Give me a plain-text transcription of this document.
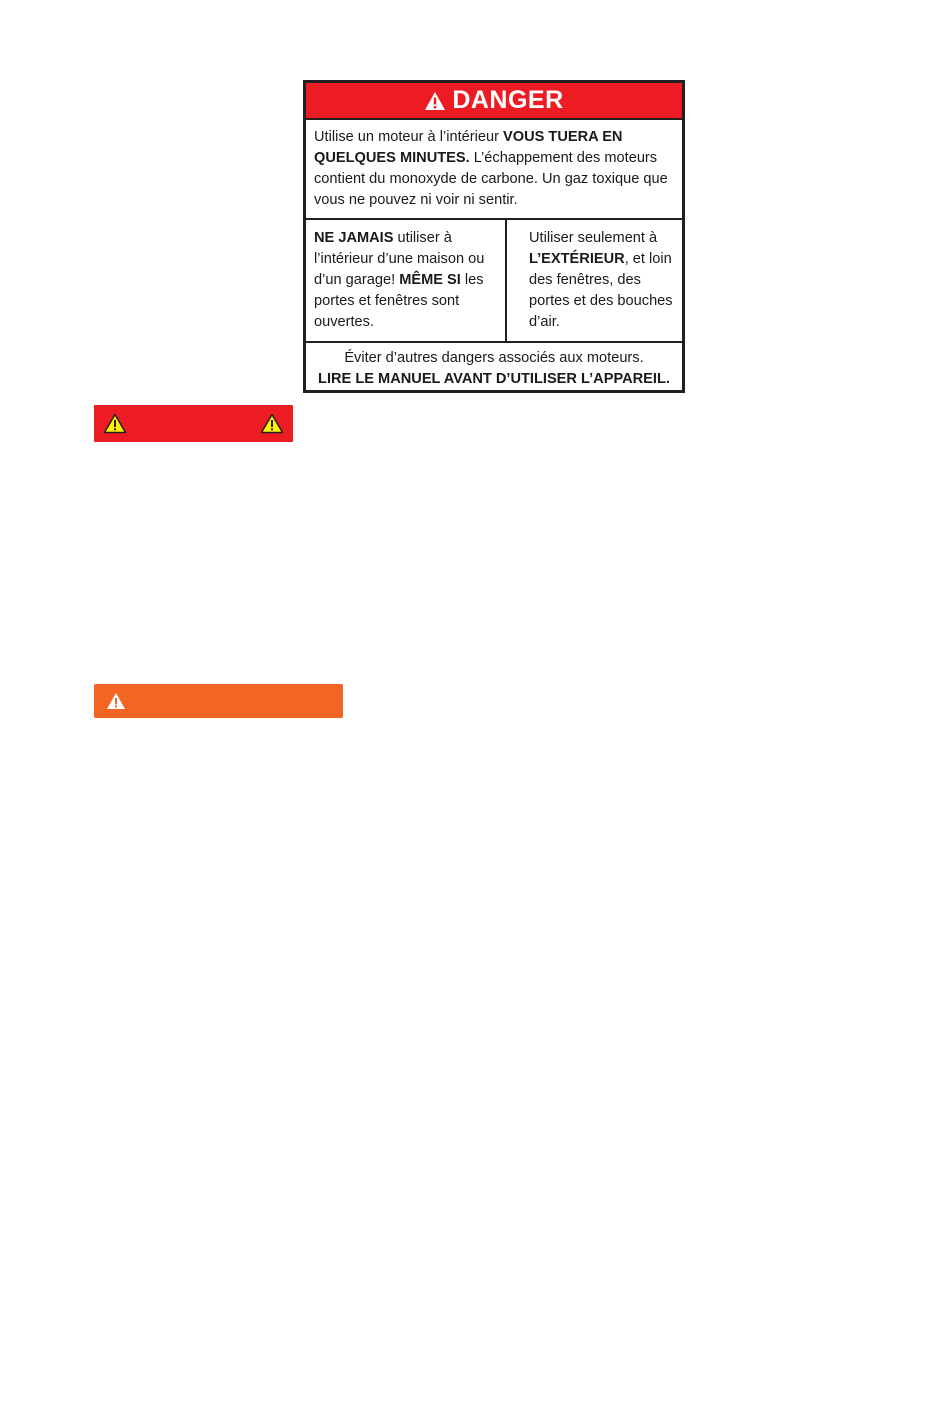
DANGER
Utilise un moteur à l’intérieur VOUS TUERA EN QUELQUES MINUTES. L’échappement des moteurs contient du monoxyde de carbone. Un gaz toxique que vous ne pouvez ni voir ni sentir.
NE JAMAIS utiliser à l’intérieur d’une maison ou d’un garage! MÊME SI les portes et fenêtres sont ouvertes.
Utiliser seulement à L’EXTÉRIEUR, et loin des fenêtres, des portes et des bouches d’air.
Éviter d’autres dangers associés aux moteurs.
LIRE LE MANUEL AVANT D’UTILISER L’APPAREIL.
